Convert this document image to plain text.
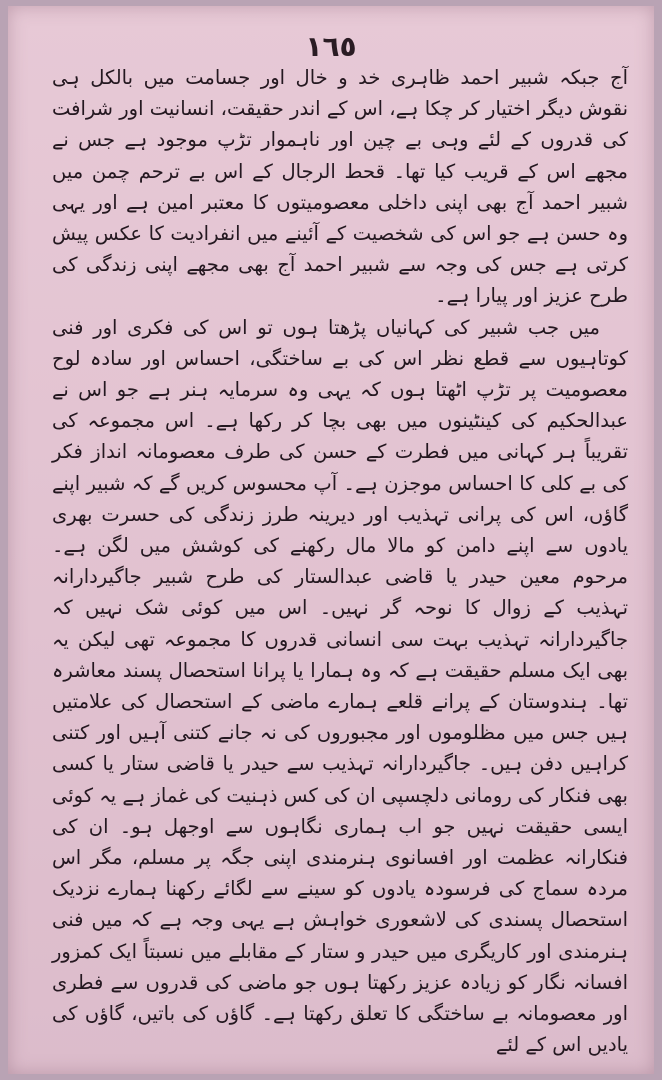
١٦٥

آج جبکہ شبیر احمد ظاہری خد و خال اور جسامت میں بالکل ہی نقوش دیگر اختیار کر چکا ہے، اس کے اندر حقیقت، انسانیت اور شرافت کی قدروں کے لئے وہی بے چین اور ناہموار تڑپ موجود ہے جس نے مجھے اس کے قریب کیا تھا۔ قحط الرجال کے اس بے ترحم چمن میں شبیر احمد آج بھی اپنی داخلی معصومیتوں کا معتبر امین ہے اور یہی وہ حسن ہے جو اس کی شخصیت کے آئینے میں انفرادیت کا عکس پیش کرتی ہے جس کی وجہ سے شبیر احمد آج بھی مجھے اپنی زندگی کی طرح عزیز اور پیارا ہے۔

میں جب شبیر کی کہانیاں پڑھتا ہوں تو اس کی فکری اور فنی کوتاہیوں سے قطع نظر اس کی بے ساختگی، احساس اور سادہ لوح معصومیت پر تڑپ اٹھتا ہوں کہ یہی وہ سرمایہ ہنر ہے جو اس نے عبدالحکیم کی کینٹینوں میں بھی بچا کر رکھا ہے۔ اس مجموعہ کی تقریباً ہر کہانی میں فطرت کے حسن کی طرف معصومانہ انداز فکر کی بے کلی کا احساس موجزن ہے۔ آپ محسوس کریں گے کہ شبیر اپنے گاؤں، اس کی پرانی تہذیب اور دیرینہ طرز زندگی کی حسرت بھری یادوں سے اپنے دامن کو مالا مال رکھنے کی کوشش میں لگن ہے۔ مرحوم معین حیدر یا قاضی عبدالستار کی طرح شبیر جاگیردارانہ تہذیب کے زوال کا نوحہ گر نہیں۔ اس میں کوئی شک نہیں کہ جاگیردارانہ تہذیب بہت سی انسانی قدروں کا مجموعہ تھی لیکن یہ بھی ایک مسلم حقیقت ہے کہ وہ ہمارا یا پرانا استحصال پسند معاشرہ تھا۔ ہندوستان کے پرانے قلعے ہمارے ماضی کے استحصال کی علامتیں ہیں جس میں مظلوموں اور مجبوروں کی نہ جانے کتنی آہیں اور کتنی کراہیں دفن ہیں۔ جاگیردارانہ تہذیب سے حیدر یا قاضی ستار یا کسی بھی فنکار کی رومانی دلچسپی ان کی کس ذہنیت کی غماز ہے یہ کوئی ایسی حقیقت نہیں جو اب ہماری نگاہوں سے اوجھل ہو۔ ان کی فنکارانہ عظمت اور افسانوی ہنرمندی اپنی جگہ پر مسلم، مگر اس مردہ سماج کی فرسودہ یادوں کو سینے سے لگائے رکھنا ہمارے نزدیک استحصال پسندی کی لاشعوری خواہش ہے یہی وجہ ہے کہ میں فنی ہنرمندی اور کاریگری میں حیدر و ستار کے مقابلے میں نسبتاً ایک کمزور افسانہ نگار کو زیادہ عزیز رکھتا ہوں جو ماضی کی قدروں سے فطری اور معصومانہ بے ساختگی کا تعلق رکھتا ہے۔ گاؤں کی باتیں، گاؤں کی یادیں اس کے لئے
